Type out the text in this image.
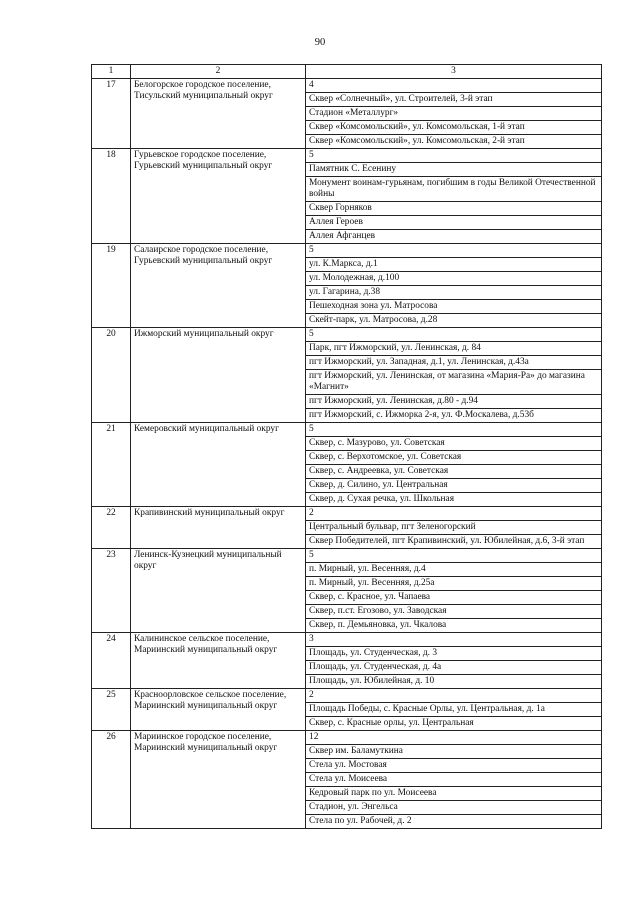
90
1	2	3
17	Белогорское городское поселение, Тисульский муниципальный округ	4
		Сквер «Солнечный», ул. Строителей, 3-й этап
		Стадион «Металлург»
		Сквер «Комсомольский», ул. Комсомольская, 1-й этап
		Сквер «Комсомольский», ул. Комсомольская, 2-й этап
18	Гурьевское городское поселение, Гурьевский муниципальный округ	5
		Памятник С. Есенину
		Монумент воинам-гурьянам, погибшим в годы Великой Отечественной войны
		Сквер Горняков
		Аллея Героев
		Аллея Афганцев
19	Салаирское городское поселение, Гурьевский муниципальный округ	5
		ул. К.Маркса, д.1
		ул. Молодежная, д.100
		ул. Гагарина, д.38
		Пешеходная зона ул. Матросова
		Скейт-парк, ул. Матросова, д.28
20	Ижморский муниципальный округ	5
		Парк, пгт Ижморский, ул. Ленинская, д. 84
		пгт Ижморский, ул. Западная, д.1, ул. Ленинская, д.43а
		пгт Ижморский, ул. Ленинская, от магазина «Мария-Ра» до магазина «Магнит»
		пгт Ижморский, ул. Ленинская, д.80 - д.94
		пгт Ижморский, с. Ижморка 2-я, ул. Ф.Москалева, д.53б
21	Кемеровский муниципальный округ	5
		Сквер, с. Мазурово, ул. Советская
		Сквер, с. Верхотомское, ул. Советская
		Сквер, с. Андреевка, ул. Советская
		Сквер, д. Силино, ул. Центральная
		Сквер, д. Сухая речка, ул. Школьная
22	Крапивинский муниципальный округ	2
		Центральный бульвар, пгт Зеленогорский
		Сквер Победителей, пгт Крапивинский, ул. Юбилейная, д.6, 3-й этап
23	Ленинск-Кузнецкий муниципальный округ	5
		п. Мирный, ул. Весенняя, д.4
		п. Мирный, ул. Весенняя, д.25а
		Сквер, с. Красное, ул. Чапаева
		Сквер, п.ст. Егозово, ул. Заводская
		Сквер, п. Демьяновка, ул. Чкалова
24	Калининское сельское поселение, Мариинский муниципальный округ	3
		Площадь, ул. Студенческая, д. 3
		Площадь, ул. Студенческая, д. 4а
		Площадь, ул. Юбилейная, д. 10
25	Красноорловское сельское поселение, Мариинский муниципальный округ	2
		Площадь Победы, с. Красные Орлы, ул. Центральная, д. 1а
		Сквер, с. Красные орлы, ул. Центральная
26	Мариинское городское поселение, Мариинский муниципальный округ	12
		Сквер им. Баламуткина
		Стела ул. Мостовая
		Стела ул. Моисеева
		Кедровый парк по ул. Моисеева
		Стадион, ул. Энгельса
		Стела по ул. Рабочей, д. 2
